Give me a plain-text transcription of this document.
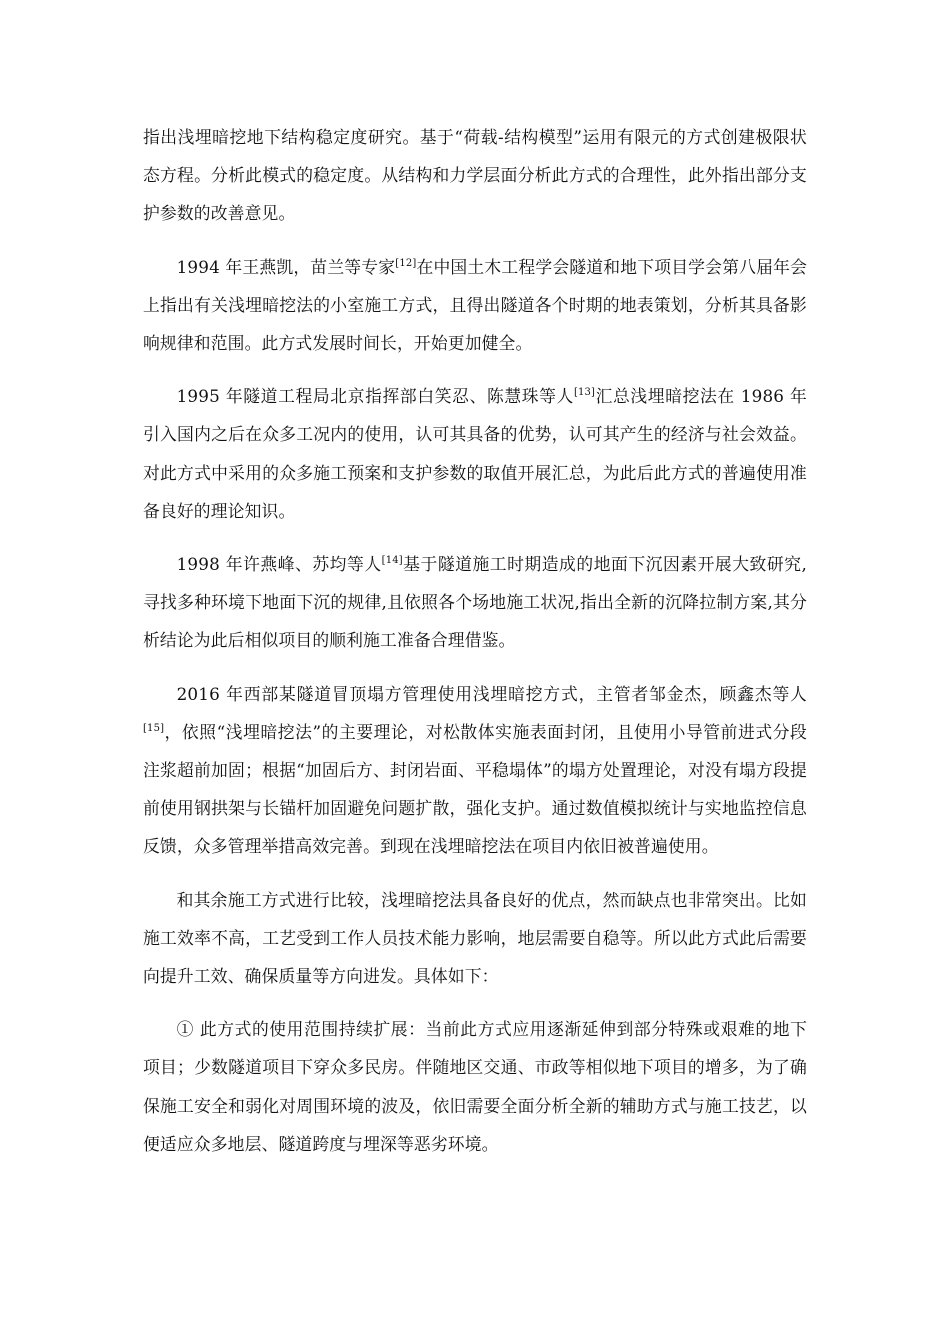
指出浅埋暗挖地下结构稳定度研究。基于“荷载-结构模型”运用有限元的方式创建极限状态方程。分析此模式的稳定度。从结构和力学层面分析此方式的合理性，此外指出部分支护参数的改善意见。

1994 年王燕凯，苗兰等专家[12]在中国土木工程学会隧道和地下项目学会第八届年会上指出有关浅埋暗挖法的小室施工方式，且得出隧道各个时期的地表策划，分析其具备影响规律和范围。此方式发展时间长，开始更加健全。

1995 年隧道工程局北京指挥部白笑忍、陈慧珠等人[13]汇总浅埋暗挖法在 1986 年引入国内之后在众多工况内的使用，认可其具备的优势，认可其产生的经济与社会效益。对此方式中采用的众多施工预案和支护参数的取值开展汇总，为此后此方式的普遍使用准备良好的理论知识。

1998 年许燕峰、苏均等人[14]基于隧道施工时期造成的地面下沉因素开展大致研究,寻找多种环境下地面下沉的规律,且依照各个场地施工状况,指出全新的沉降拉制方案,其分析结论为此后相似项目的顺利施工准备合理借鉴。

2016 年西部某隧道冒顶塌方管理使用浅埋暗挖方式，主管者邹金杰，顾鑫杰等人[15]，依照“浅埋暗挖法”的主要理论，对松散体实施表面封闭，且使用小导管前进式分段注浆超前加固；根据“加固后方、封闭岩面、平稳塌体”的塌方处置理论，对没有塌方段提前使用钢拱架与长锚杆加固避免问题扩散，强化支护。通过数值模拟统计与实地监控信息反馈，众多管理举措高效完善。到现在浅埋暗挖法在项目内依旧被普遍使用。

和其余施工方式进行比较，浅埋暗挖法具备良好的优点，然而缺点也非常突出。比如施工效率不高，工艺受到工作人员技术能力影响，地层需要自稳等。所以此方式此后需要向提升工效、确保质量等方向进发。具体如下：

① 此方式的使用范围持续扩展：当前此方式应用逐渐延伸到部分特殊或艰难的地下项目；少数隧道项目下穿众多民房。伴随地区交通、市政等相似地下项目的增多，为了确保施工安全和弱化对周围环境的波及，依旧需要全面分析全新的辅助方式与施工技艺，以便适应众多地层、隧道跨度与埋深等恶劣环境。
